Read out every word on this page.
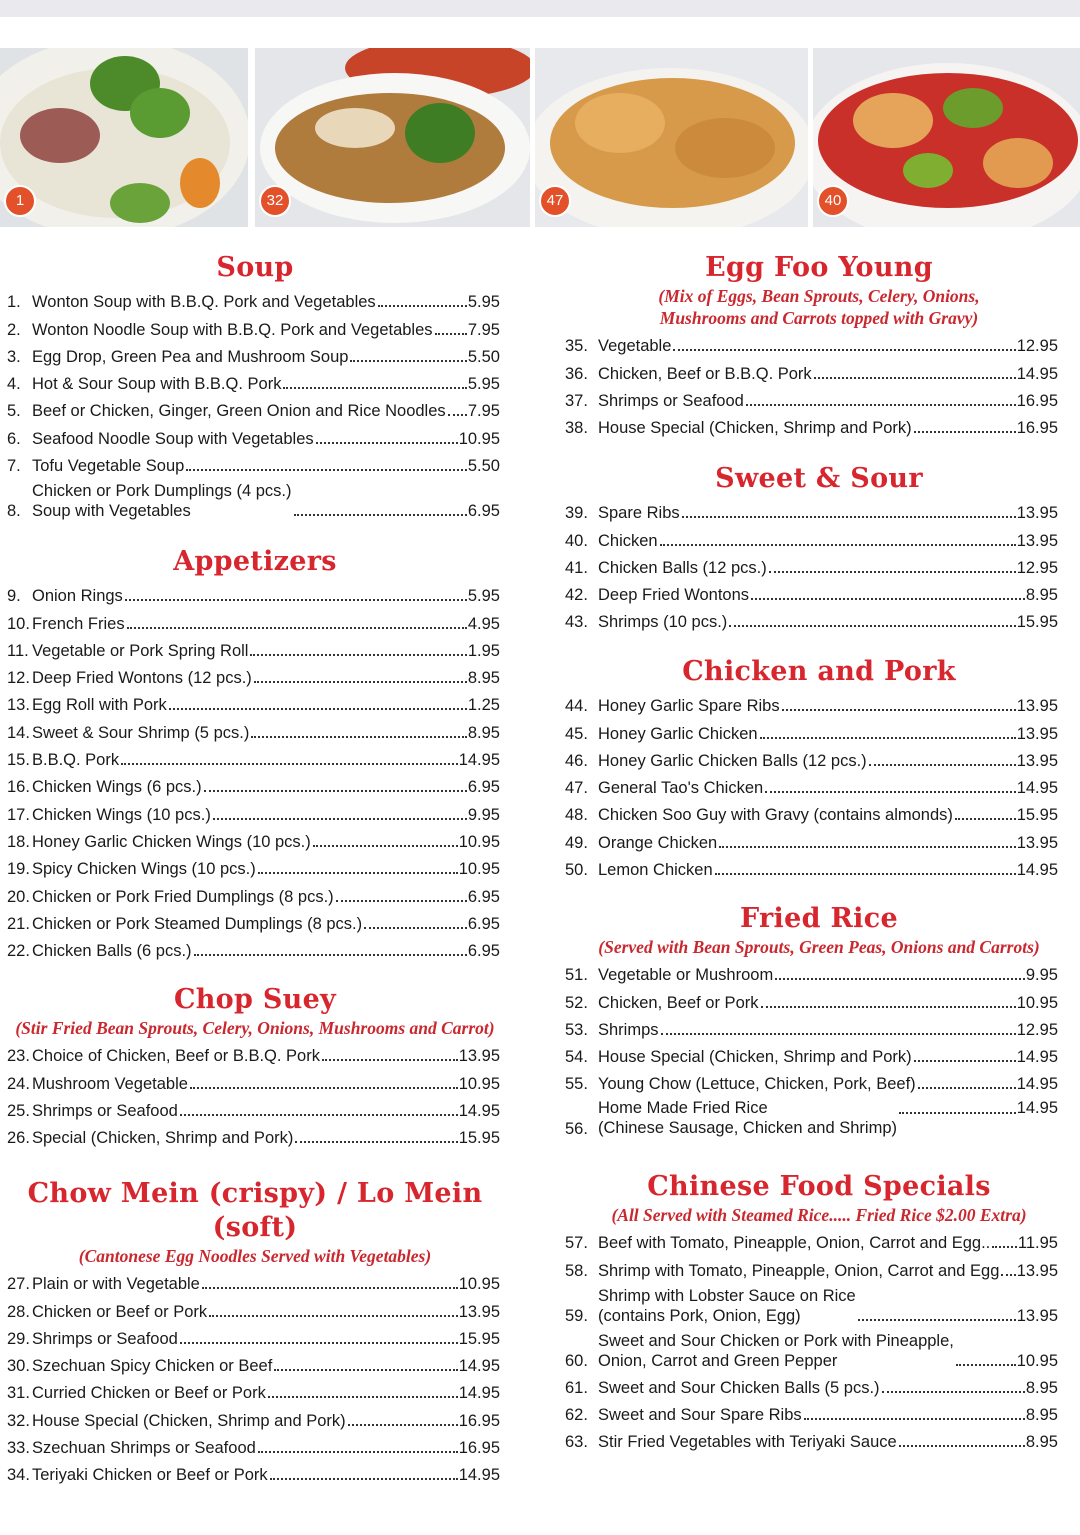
1	32	47	40
Soup
1. Wonton Soup with B.B.Q. Pork and Vegetables	5.95
2. Wonton Noodle Soup with B.B.Q. Pork and Vegetables 7.95
3. Egg Drop, Green Pea and Mushroom Soup	5.50
4. Hot & Sour Soup with B.B.Q. Pork	5.95
5. Beef or Chicken, Ginger, Green Onion and Rice Noodles 7.95
6. Seafood Noodle Soup with Vegetables	10.95
7. Tofu Vegetable Soup	5.50
8.
Chicken or Pork Dumplings (4 pcs.)
Soup with Vegetables	6.95
Appetizers
9. Onion Rings	5.95
10. French Fries	4.95
11. Vegetable or Pork Spring Roll	1.95
12. Deep Fried Wontons (12 pcs.)	8.95
13. Egg Roll with Pork	1.25
14. Sweet & Sour Shrimp (5 pcs.)	8.95
15. B.B.Q. Pork	14.95
16. Chicken Wings (6 pcs.)	6.95
17. Chicken Wings (10 pcs.)	9.95
18. Honey Garlic Chicken Wings (10 pcs.)	10.95
19. Spicy Chicken Wings (10 pcs.)	10.95
20. Chicken or Pork Fried Dumplings (8 pcs.)	6.95
21. Chicken or Pork Steamed Dumplings (8 pcs.)	6.95
22. Chicken Balls (6 pcs.)	6.95
Chop Suey
(Stir Fried Bean Sprouts, Celery, Onions, Mushrooms and Carrot)
23. Choice of Chicken, Beef or B.B.Q. Pork	13.95
24. Mushroom Vegetable	10.95
25. Shrimps or Seafood	14.95
26. Special (Chicken, Shrimp and Pork)	15.95
Chow Mein (crispy) / Lo Mein (soft)
(Cantonese Egg Noodles Served with Vegetables)
27. Plain or with Vegetable	10.95
28. Chicken or Beef or Pork	13.95
29. Shrimps or Seafood	15.95
30. Szechuan Spicy Chicken or Beef	14.95
31. Curried Chicken or Beef or Pork	14.95
32. House Special (Chicken, Shrimp and Pork)	16.95
33. Szechuan Shrimps or Seafood	16.95
34. Teriyaki Chicken or Beef or Pork	14.95
Egg Foo Young
(Mix of Eggs, Bean Sprouts, Celery, Onions,
Mushrooms and Carrots topped with Gravy)
35. Vegetable	12.95
36. Chicken, Beef or B.B.Q. Pork	14.95
37. Shrimps or Seafood	16.95
38. House Special (Chicken, Shrimp and Pork)	16.95
Sweet & Sour
39. Spare Ribs	13.95
40. Chicken	13.95
41. Chicken Balls (12 pcs.)	12.95
42. Deep Fried Wontons	8.95
43. Shrimps (10 pcs.)	15.95
Chicken and Pork
44. Honey Garlic Spare Ribs	13.95
45. Honey Garlic Chicken	13.95
46. Honey Garlic Chicken Balls (12 pcs.)	13.95
47. General Tao's Chicken	14.95
48. Chicken Soo Guy with Gravy (contains almonds)	15.95
49. Orange Chicken	13.95
50. Lemon Chicken	14.95
Fried Rice
(Served with Bean Sprouts, Green Peas, Onions and Carrots)
51. Vegetable or Mushroom	9.95
52. Chicken, Beef or Pork	10.95
53. Shrimps	12.95
54. House Special (Chicken, Shrimp and Pork)	14.95
55. Young Chow (Lettuce, Chicken, Pork, Beef)	14.95
56.
Home Made Fried Rice
(Chinese Sausage, Chicken and Shrimp)
14.95
Chinese Food Specials
(All Served with Steamed Rice..... Fried Rice $2.00 Extra)
57. Beef with Tomato, Pineapple, Onion, Carrot and Egg.. 11.95
58. Shrimp with Tomato, Pineapple, Onion, Carrot and Egg 13.95
59.
Shrimp with Lobster Sauce on Rice
(contains Pork, Onion, Egg)	13.95
60.
Sweet and Sour Chicken or Pork with Pineapple,
Onion, Carrot and Green Pepper	10.95
61. Sweet and Sour Chicken Balls (5 pcs.)	8.95
62. Sweet and Sour Spare Ribs	8.95
63. Stir Fried Vegetables with Teriyaki Sauce	8.95
